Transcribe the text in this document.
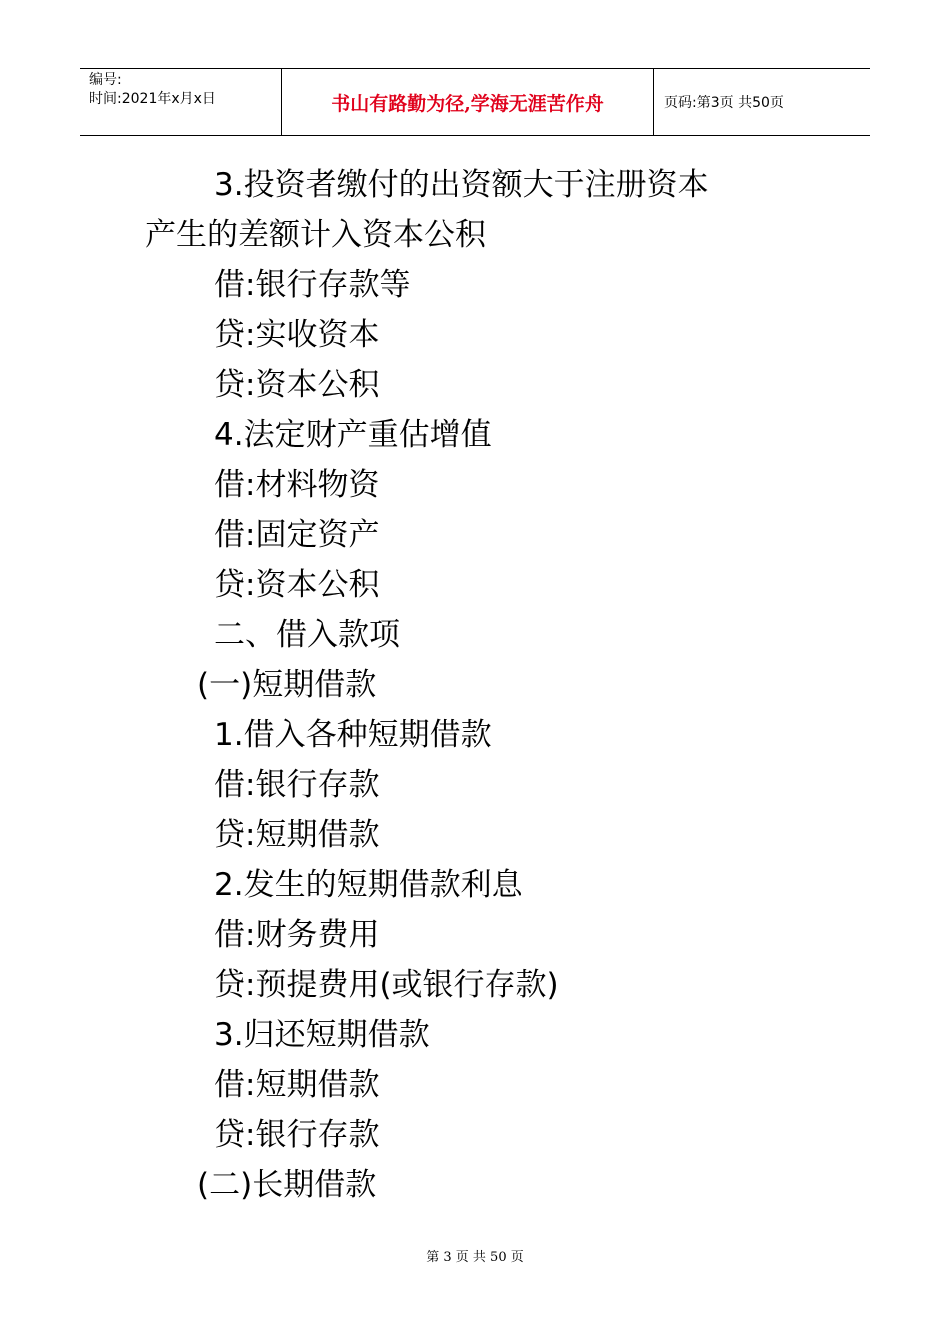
编号:
时间:2021年x月x日	书山有路勤为径,学海无涯苦作舟	页码:第3页 共50页
3.投资者缴付的出资额大于注册资本
产生的差额计入资本公积
借:银行存款等
贷:实收资本
贷:资本公积
4.法定财产重估增值
借:材料物资
借:固定资产
贷:资本公积
二、借入款项
(一)短期借款
1.借入各种短期借款
借:银行存款
贷:短期借款
2.发生的短期借款利息
借:财务费用
贷:预提费用(或银行存款)
3.归还短期借款
借:短期借款
贷:银行存款
(二)长期借款
第 3 页 共 50 页
